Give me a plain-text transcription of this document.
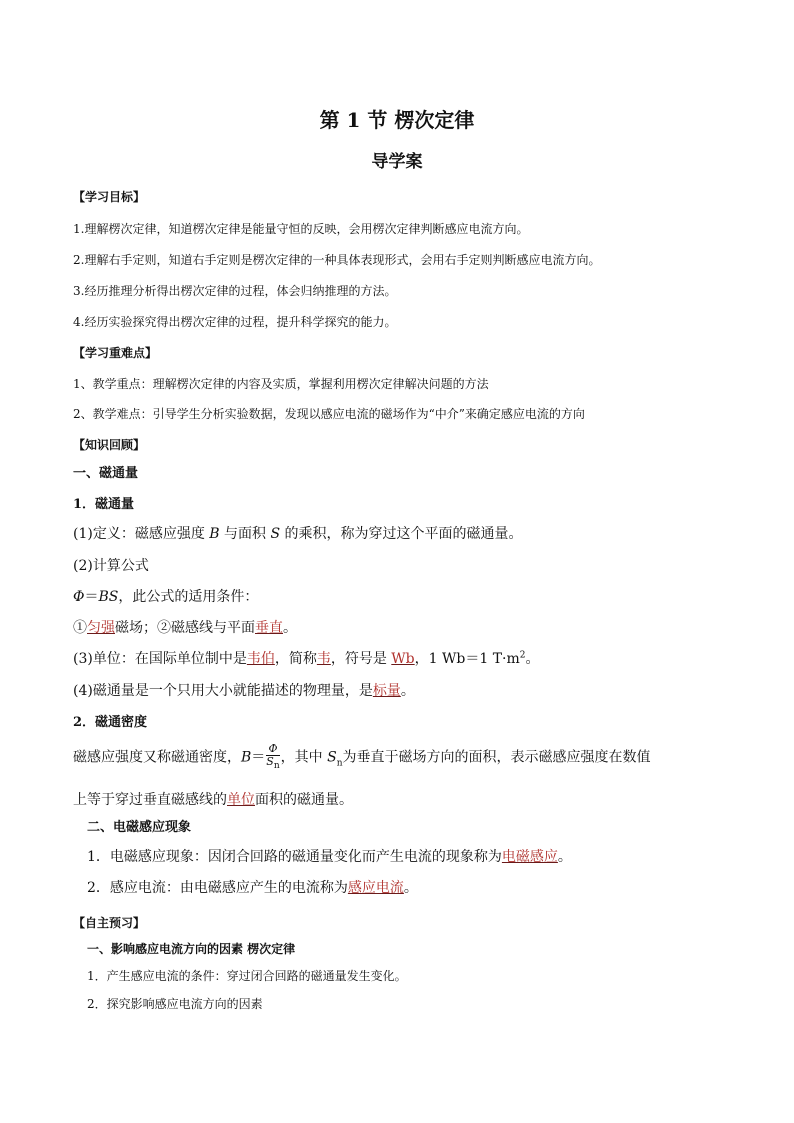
第 1 节 楞次定律
导学案
【学习目标】
1.理解楞次定律，知道楞次定律是能量守恒的反映，会用楞次定律判断感应电流方向。
2.理解右手定则，知道右手定则是楞次定律的一种具体表现形式，会用右手定则判断感应电流方向。
3.经历推理分析得出楞次定律的过程，体会归纳推理的方法。
4.经历实验探究得出楞次定律的过程，提升科学探究的能力。
【学习重难点】
1、教学重点：理解楞次定律的内容及实质，掌握利用楞次定律解决问题的方法
2、教学难点：引导学生分析实验数据，发现以感应电流的磁场作为“中介”来确定感应电流的方向
【知识回顾】
一、磁通量
1．磁通量
(1)定义：磁感应强度 B 与面积 S 的乘积，称为穿过这个平面的磁通量。
(2)计算公式
Φ＝BS，此公式的适用条件：
①匀强磁场；②磁感线与平面垂直。
(3)单位：在国际单位制中是韦伯，简称韦，符号是 Wb，1 Wb＝1 $T\cdot m^2$。
(4)磁通量是一个只用大小就能描述的物理量，是标量。
2．磁通密度
磁感应强度又称磁通密度，$B= \frac{\Phi}{S_n}$ ，其中 $S_n$为垂直于磁场方向的面积，表示磁感应强度在数值
上等于穿过垂直磁感线的单位面积的磁通量。
二、电磁感应现象
1．电磁感应现象：因闭合回路的磁通量变化而产生电流的现象称为电磁感应。
2．感应电流：由电磁感应产生的电流称为感应电流。
【自主预习】
一、影响感应电流方向的因素 楞次定律
1．产生感应电流的条件：穿过闭合回路的磁通量发生变化。
2．探究影响感应电流方向的因素
